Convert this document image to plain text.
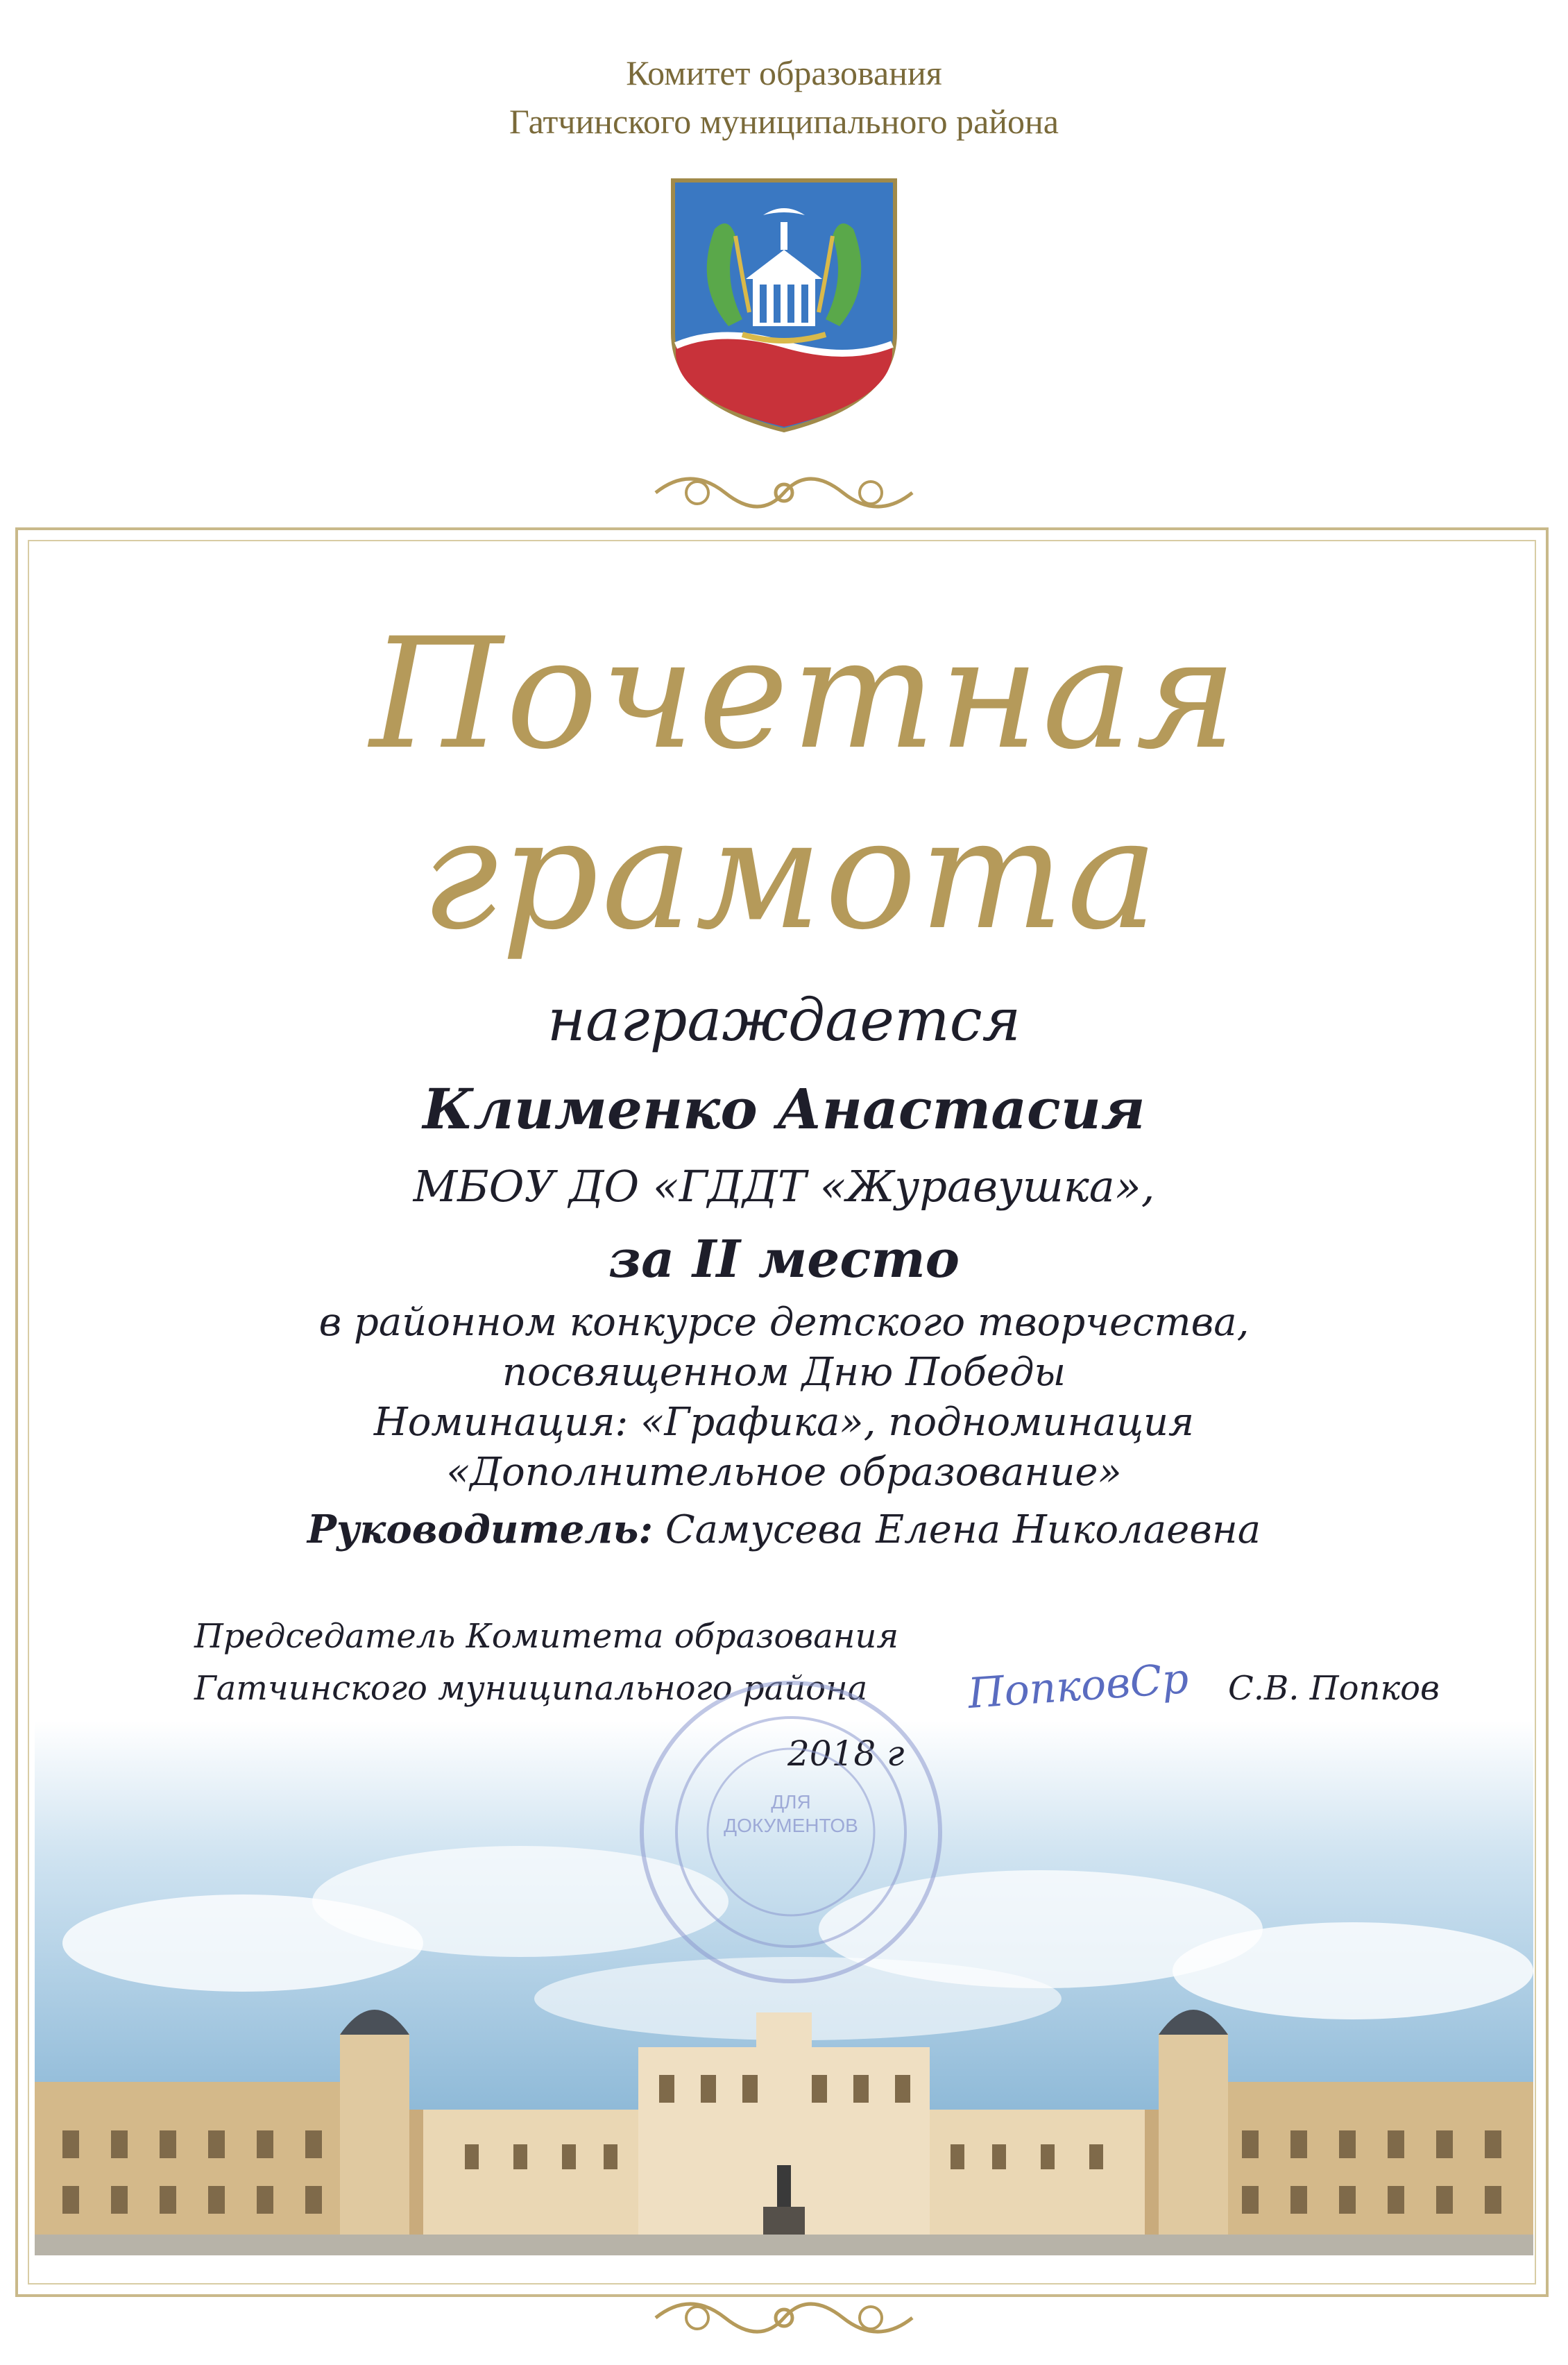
Комитет образования
Гатчинского муниципального района
Почетная
грамота
награждается
Клименко Анастасия
МБОУ ДО «ГДДТ «Журавушка»,
за II место
в районном конкурсе детского творчества,
посвященном Дню Победы
Номинация: «Графика», подноминация
«Дополнительное образование»
Руководитель: Самусева Елена Николаевна
Председатель Комитета образования
Гатчинского муниципального района ПопковСр С.В. Попков
2018 г
ДЛЯ
ДОКУМЕНТОВ
